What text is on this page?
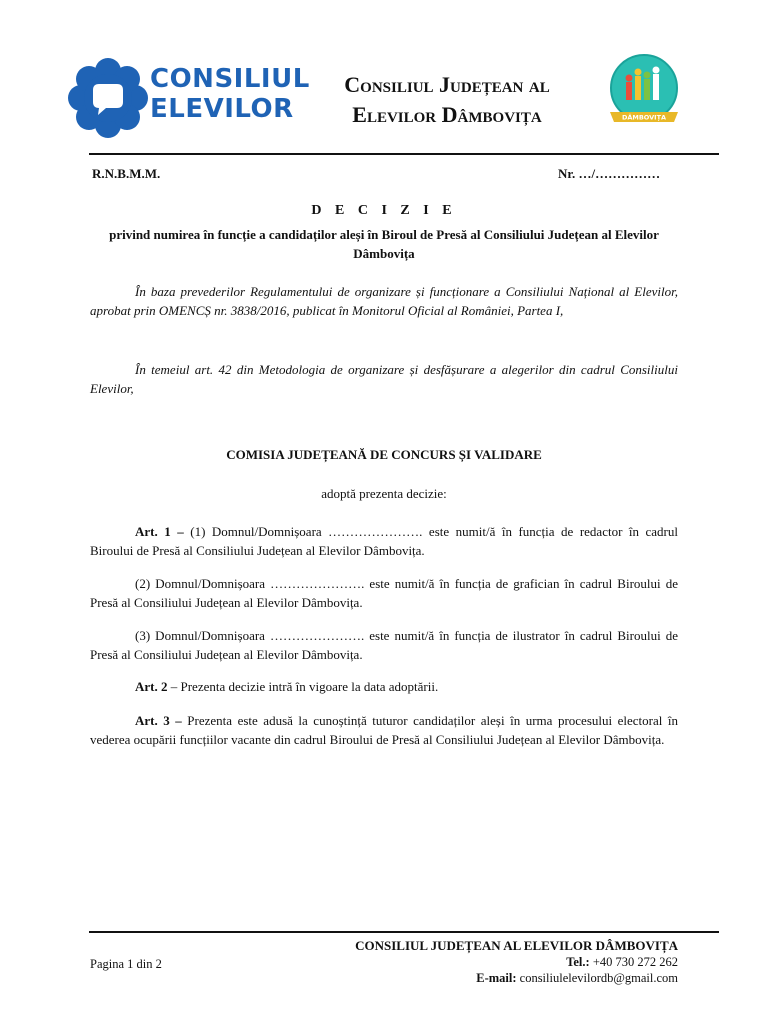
CONSILIUL
ELEVILOR
Consiliul Județean al
Elevilor Dâmbovița	DÂMBOVIȚA
R.N.B.M.M.	Nr. …/……………
D E C I Z I E
privind numirea în funcție a candidaților aleși în Biroul de Presă al Consiliului Județean al Elevilor Dâmbovița
În baza prevederilor Regulamentului de organizare și funcționare a Consiliului Național al Elevilor, aprobat prin OMENCȘ nr. 3838/2016, publicat în Monitorul Oficial al României, Partea I,
În temeiul art. 42 din Metodologia de organizare și desfășurare a alegerilor din cadrul Consiliului Elevilor,
COMISIA JUDEȚEANĂ DE CONCURS ȘI VALIDARE
adoptă prezenta decizie:
Art. 1 – (1) Domnul/Domnișoara …………………. este numit/ă în funcția de redactor în cadrul Biroului de Presă al Consiliului Județean al Elevilor Dâmbovița.
(2) Domnul/Domnișoara …………………. este numit/ă în funcția de grafician în cadrul Biroului de Presă al Consiliului Județean al Elevilor Dâmbovița.
(3) Domnul/Domnișoara …………………. este numit/ă în funcția de ilustrator în cadrul Biroului de Presă al Consiliului Județean al Elevilor Dâmbovița.
Art. 2 – Prezenta decizie intră în vigoare la data adoptării.
Art. 3 – Prezenta este adusă la cunoștință tuturor candidaților aleși în urma procesului electoral în vederea ocupării funcțiilor vacante din cadrul Biroului de Presă al Consiliului Județean al Elevilor Dâmbovița.
CONSILIUL JUDEȚEAN AL ELEVILOR DÂMBOVIȚA
Pagina 1 din 2	Tel.: +40 730 272 262
E-mail: consiliulelevilordb@gmail.com
